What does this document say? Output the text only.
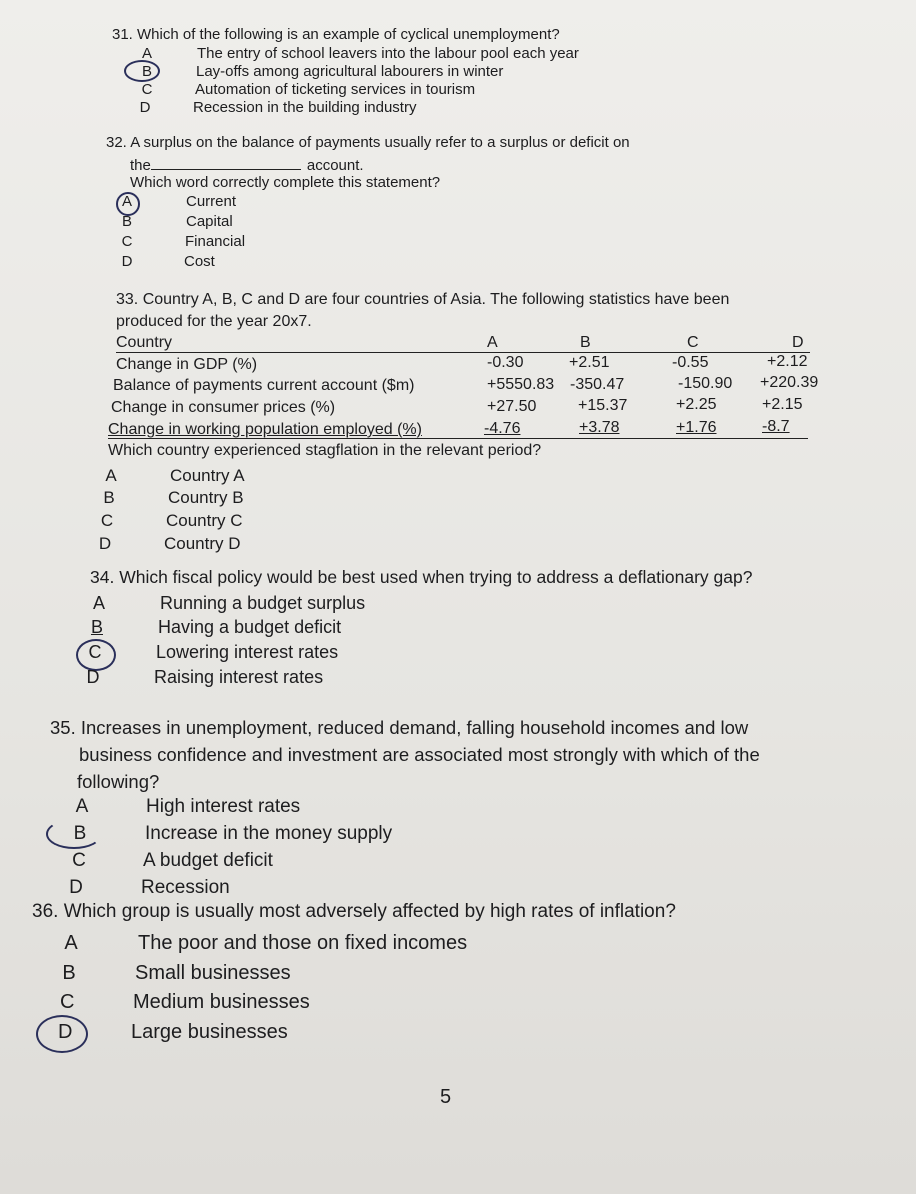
31. Which of the following is an example of cyclical unemployment?
A	The entry of school leavers into the labour pool each year
B	Lay-offs among agricultural labourers in winter
C	Automation of ticketing services in tourism
D	Recession in the building industry
32. A surplus on the balance of payments usually refer to a surplus or deficit on
the	account.
Which word correctly complete this statement?
A	Current
B	Capital
C	Financial
D	Cost
33. Country A, B, C and D are four countries of Asia. The following statistics have been
produced for the year 20x7.
Country	A	B	C	D
Change in GDP (%)	-0.30	+2.51	-0.55	+2.12
Balance of payments current account ($m)	+5550.83 -350.47	-150.90 +220.39
Change in consumer prices (%)	+27.50	+15.37	+2.25	+2.15
Change in working population employed (%)	-4.76	+3.78	+1.76	-8.7
Which country experienced stagflation in the relevant period?
A	Country A
B	Country B
C	Country C
D	Country D
34. Which fiscal policy would be best used when trying to address a deflationary gap?
A	Running a budget surplus
B	Having a budget deficit
C	Lowering interest rates
D	Raising interest rates
35. Increases in unemployment, reduced demand, falling household incomes and low
business confidence and investment are associated most strongly with which of the
following?
A	High interest rates
B	Increase in the money supply
C	A budget deficit
D	Recession
36. Which group is usually most adversely affected by high rates of inflation?
A	The poor and those on fixed incomes
B	Small businesses
C	Medium businesses
D	Large businesses
5
